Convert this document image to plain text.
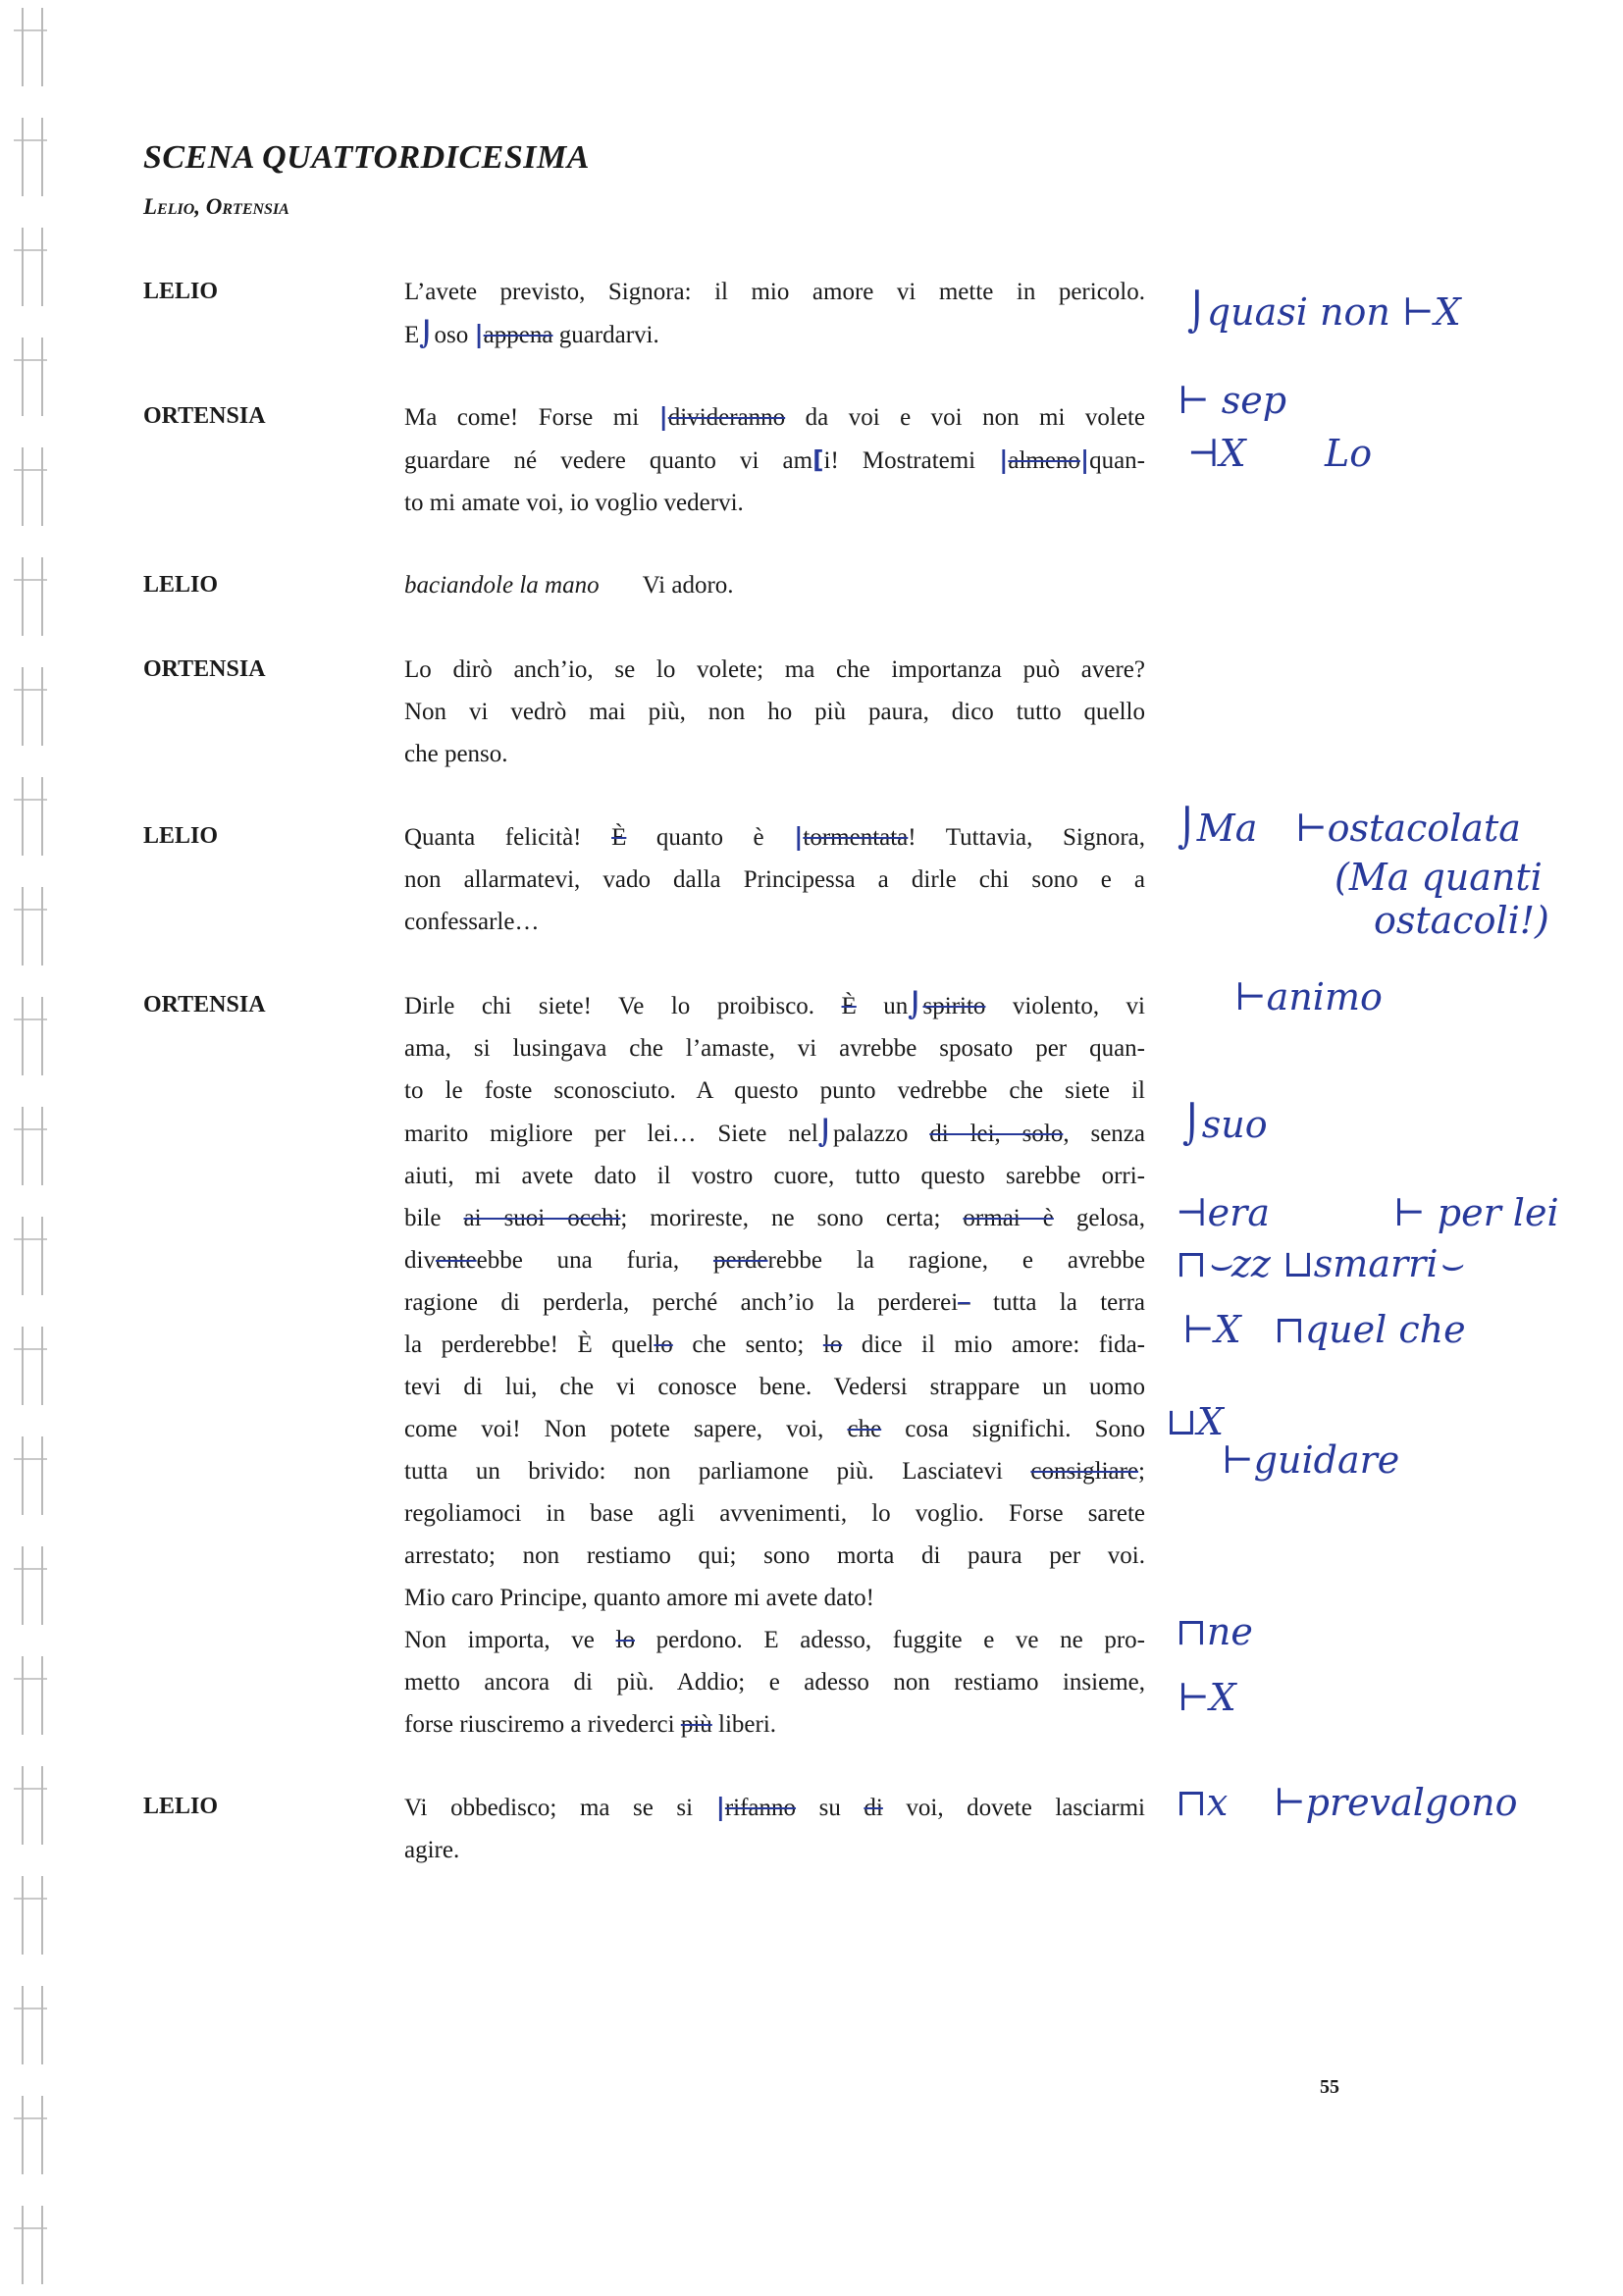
SCENA QUATTORDICESIMA
Lelio, Ortensia
LELIO	L’avete previsto, Signora: il mio amore vi mette in pericolo.
E⌡oso |appena guardarvi.
ORTENSIA	Ma come! Forse mi |divideranno da voi e voi non mi volete
guardare né vedere quanto vi am[i! Mostratemi |almeno|quan-
to mi amate voi, io voglio vedervi.
LELIO	baciandole la mano Vi adoro.
ORTENSIA	Lo dirò anch’io, se lo volete; ma che importanza può avere?
Non vi vedrò mai più, non ho più paura, dico tutto quello
che penso.
LELIO	Quanta felicità! È quanto è |tormentata! Tuttavia, Signora,
non allarmatevi, vado dalla Principessa a dirle chi sono e a
confessarle…
ORTENSIA	Dirle chi siete! Ve lo proibisco. È un⌡spirito violento, vi
ama, si lusingava che l’amaste, vi avrebbe sposato per quan-
to le foste sconosciuto. A questo punto vedrebbe che siete il
marito migliore per lei… Siete nel⌡palazzo di lei, solo, senza
aiuti, mi avete dato il vostro cuore, tutto questo sarebbe orri-
bile ai suoi occhi; morireste, ne sono certa; ormai è gelosa,
diventeebbe una furia, perderebbe la ragione, e avrebbe
ragione di perderla, perché anch’io la perderei– tutta la terra
la perderebbe! È quello che sento; lo dice il mio amore: fida-
tevi di lui, che vi conosce bene. Vedersi strappare un uomo
come voi! Non potete sapere, voi, che cosa significhi. Sono
tutta un brivido: non parliamone più. Lasciatevi consigliare;
regoliamoci in base agli avvenimenti, lo voglio. Forse sarete
arrestato; non restiamo qui; sono morta di paura per voi.
Mio caro Principe, quanto amore mi avete dato!
Non importa, ve lo perdono. E adesso, fuggite e ve ne pro-
metto ancora di più. Addio; e adesso non restiamo insieme,
forse riusciremo a rivederci più liberi.
LELIO	Vi obbedisco; ma se si |rifanno su di voi, dovete lasciarmi
agire.
⌡quasi non ⊢X
⊢ sep
⊣X Lo
⌡Ma ⊢ostacolata
(Ma quanti
ostacoli!)
⊢animo
⌡suo
⊣era	⊢ per lei
⊓⌣zz ⊔smarri⌣
⊢X ⊓quel che
⊔X
⊢guidare
⊓ne
⊢X
⊓x ⊢prevalgono
55
